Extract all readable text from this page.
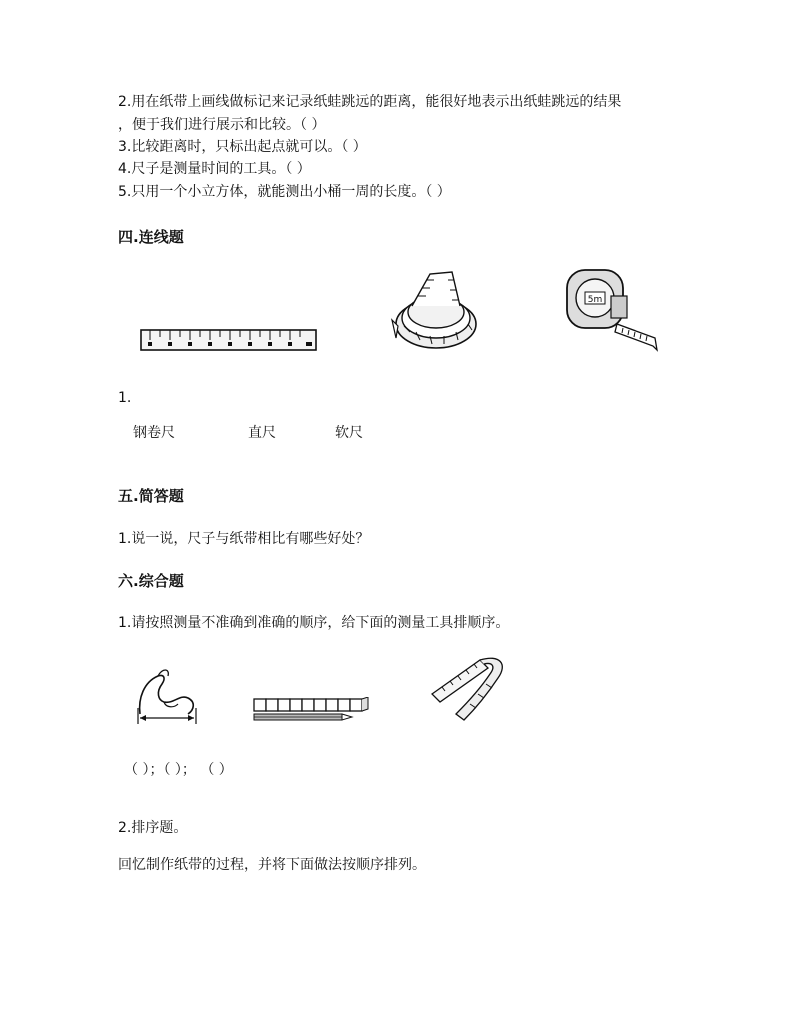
2.用在纸带上画线做标记来记录纸蛙跳远的距离，能很好地表示出纸蛙跳远的结果
，便于我们进行展示和比较。（ ）
3.比较距离时，只标出起点就可以。（ ）
4.尺子是测量时间的工具。（ ）
5.只用一个小立方体，就能测出小桶一周的长度。（ ）
四.连线题
5m
1.
钢卷尺	直尺	软尺
五.简答题
1.说一说，尺子与纸带相比有哪些好处？
六.综合题
1.请按照测量不准确到准确的顺序，给下面的测量工具排顺序。
（ ）；（ ）； （ ）
2.排序题。
回忆制作纸带的过程，并将下面做法按顺序排列。
